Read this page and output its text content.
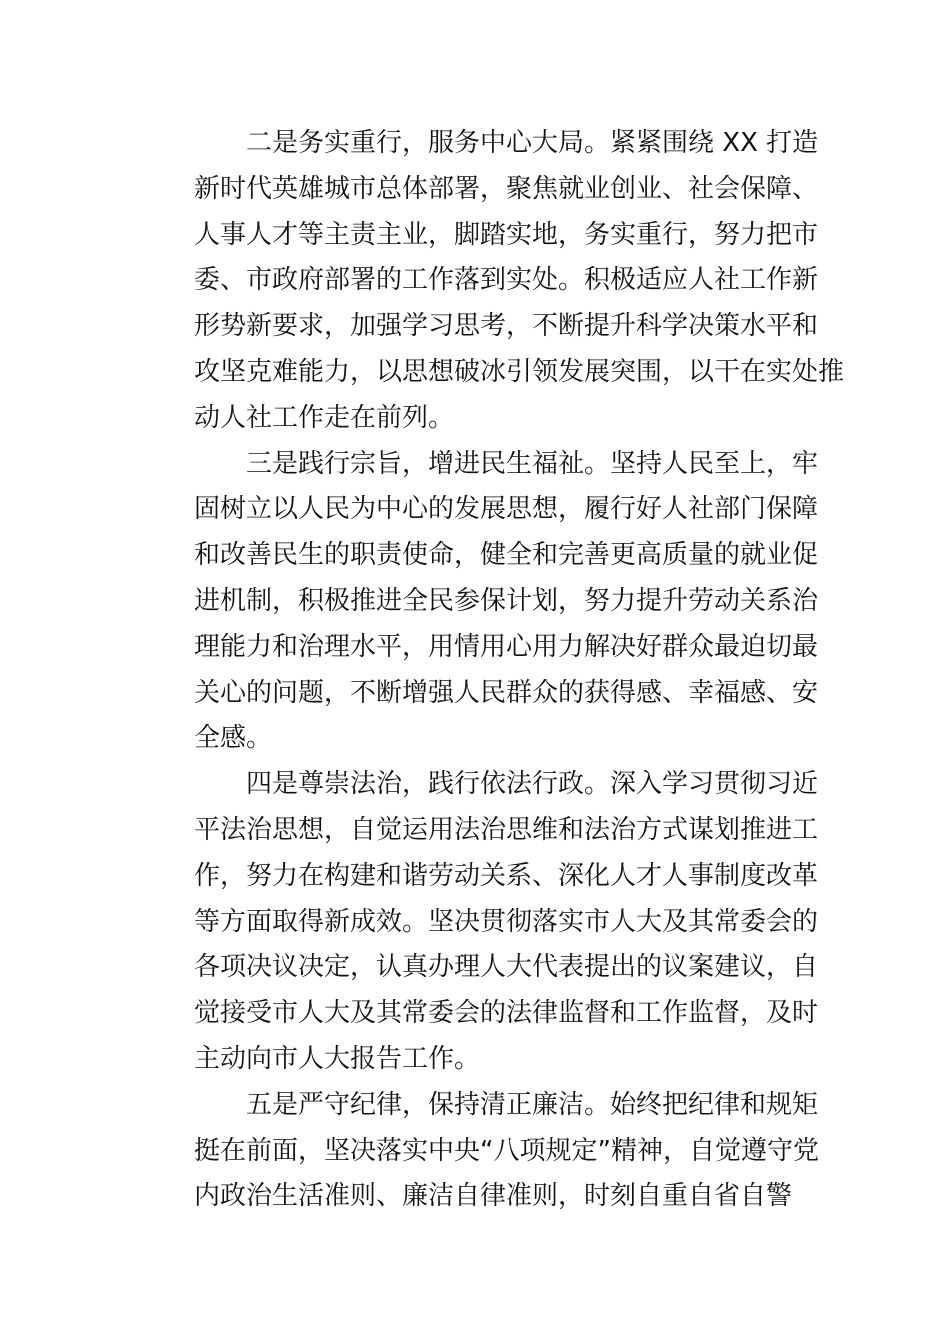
二是务实重行，服务中心大局。紧紧围绕 XX 打造
新时代英雄城市总体部署，聚焦就业创业、社会保障、
人事人才等主责主业，脚踏实地，务实重行，努力把市
委、市政府部署的工作落到实处。积极适应人社工作新
形势新要求，加强学习思考，不断提升科学决策水平和
攻坚克难能力，以思想破冰引领发展突围，以干在实处推
动人社工作走在前列。

三是践行宗旨，增进民生福祉。坚持人民至上，牢
固树立以人民为中心的发展思想，履行好人社部门保障
和改善民生的职责使命，健全和完善更高质量的就业促
进机制，积极推进全民参保计划，努力提升劳动关系治
理能力和治理水平，用情用心用力解决好群众最迫切最
关心的问题，不断增强人民群众的获得感、幸福感、安
全感。

四是尊崇法治，践行依法行政。深入学习贯彻习近
平法治思想，自觉运用法治思维和法治方式谋划推进工
作，努力在构建和谐劳动关系、深化人才人事制度改革
等方面取得新成效。坚决贯彻落实市人大及其常委会的
各项决议决定，认真办理人大代表提出的议案建议，自
觉接受市人大及其常委会的法律监督和工作监督，及时
主动向市人大报告工作。

五是严守纪律，保持清正廉洁。始终把纪律和规矩
挺在前面，坚决落实中央“八项规定”精神，自觉遵守党
内政治生活准则、廉洁自律准则，时刻自重自省自警
